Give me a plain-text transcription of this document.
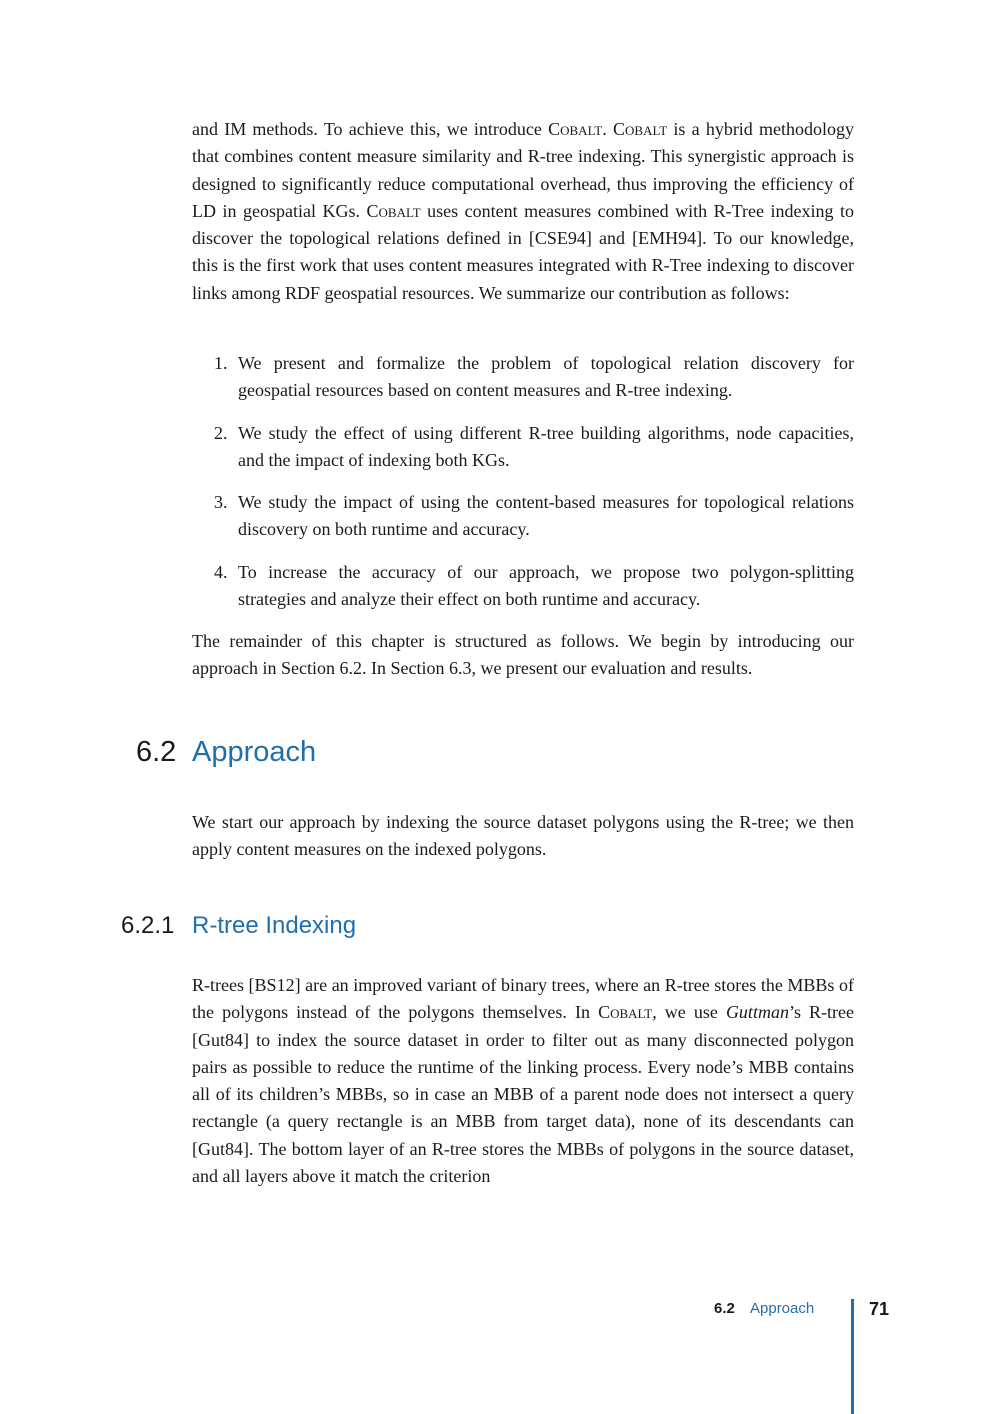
and IM methods. To achieve this, we introduce Cobalt. Cobalt is a hybrid methodology that combines content measure similarity and R-tree indexing. This synergistic approach is designed to significantly reduce computational overhead, thus improving the efficiency of LD in geospatial KGs. Cobalt uses content measures combined with R-Tree indexing to discover the topological relations defined in [CSE94] and [EMH94]. To our knowledge, this is the first work that uses content measures integrated with R-Tree indexing to discover links among RDF geospatial resources. We summarize our contribution as follows:

1. We present and formalize the problem of topological relation discovery for geospatial resources based on content measures and R-tree indexing.
2. We study the effect of using different R-tree building algorithms, node capacities, and the impact of indexing both KGs.
3. We study the impact of using the content-based measures for topological relations discovery on both runtime and accuracy.
4. To increase the accuracy of our approach, we propose two polygon-splitting strategies and analyze their effect on both runtime and accuracy.

The remainder of this chapter is structured as follows. We begin by introducing our approach in Section 6.2. In Section 6.3, we present our evaluation and results.

6.2 Approach

We start our approach by indexing the source dataset polygons using the R-tree; we then apply content measures on the indexed polygons.

6.2.1 R-tree Indexing

R-trees [BS12] are an improved variant of binary trees, where an R-tree stores the MBBs of the polygons instead of the polygons themselves. In Cobalt, we use Guttman’s R-tree [Gut84] to index the source dataset in order to filter out as many disconnected polygon pairs as possible to reduce the runtime of the linking process. Every node’s MBB contains all of its children’s MBBs, so in case an MBB of a parent node does not intersect a query rectangle (a query rectangle is an MBB from target data), none of its descendants can [Gut84]. The bottom layer of an R-tree stores the MBBs of polygons in the source dataset, and all layers above it match the criterion

6.2 Approach	71
